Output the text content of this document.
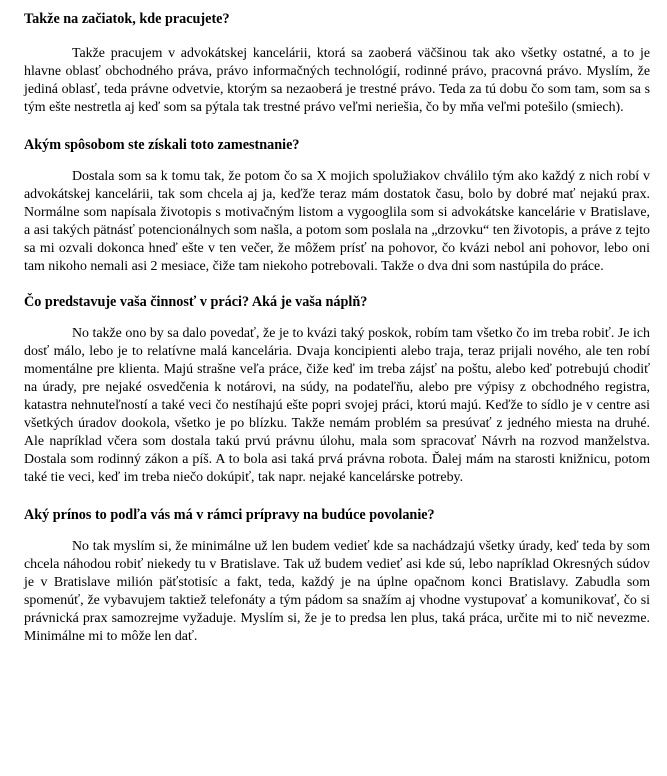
Takže na začiatok, kde pracujete?

Takže pracujem v advokátskej kancelárii, ktorá sa zaoberá väčšinou tak ako všetky ostatné, a to je hlavne oblasť obchodného práva, právo informačných technológií, rodinné právo, pracovná právo. Myslím, že jediná oblasť, teda právne odvetvie, ktorým sa nezaoberá je trestné právo. Teda za tú dobu čo som tam, som sa s tým ešte nestretla aj keď som sa pýtala tak trestné právo veľmi neriešia, čo by mňa veľmi potešilo (smiech).

Akým spôsobom ste získali toto zamestnanie?

Dostala som sa k tomu tak, že potom čo sa X mojich spolužiakov chválilo tým ako každý z nich robí v advokátskej kancelárii, tak som chcela aj ja, keďže teraz mám dostatok času, bolo by dobré mať nejakú prax. Normálne som napísala životopis s motivačným listom a vygooglila som si advokátske kancelárie v Bratislave, a asi takých pätnásť potencionálnych som našla, a potom som poslala na „drzovku“ ten životopis, a práve z tejto sa mi ozvali dokonca hneď ešte v ten večer, že môžem prísť na pohovor, čo kvázi nebol ani pohovor, lebo oni tam nikoho nemali asi 2 mesiace, čiže tam niekoho potrebovali. Takže o dva dni som nastúpila do práce.

Čo predstavuje vaša činnosť v práci? Aká je vaša náplň?

No takže ono by sa dalo povedať, že je to kvázi taký poskok, robím tam všetko čo im treba robiť. Je ich dosť málo, lebo je to relatívne malá kancelária. Dvaja koncipienti alebo traja, teraz prijali nového, ale ten robí momentálne pre klienta. Majú strašne veľa práce, čiže keď im treba zájsť na poštu, alebo keď potrebujú chodiť na úrady, pre nejaké osvedčenia k notárovi, na súdy, na podateľňu, alebo pre výpisy z obchodného registra, katastra nehnuteľností a také veci čo nestíhajú ešte popri svojej práci, ktorú majú. Keďže to sídlo je v centre asi všetkých úradov dookola, všetko je po blízku. Takže nemám problém sa presúvať z jedného miesta na druhé. Ale napríklad včera som dostala takú prvú právnu úlohu, mala som spracovať Návrh na rozvod manželstva. Dostala som rodinný zákon a píš. A to bola asi taká prvá právna robota. Ďalej mám na starosti knižnicu, potom také tie veci, keď im treba niečo dokúpiť, tak napr. nejaké kancelárske potreby.

Aký prínos to podľa vás má v rámci prípravy na budúce povolanie?

No tak myslím si, že minimálne už len budem vedieť kde sa nachádzajú všetky úrady, keď teda by som chcela náhodou robiť niekedy tu v Bratislave. Tak už budem vedieť asi kde sú, lebo napríklad Okresných súdov je v Bratislave milión päťstotisíc a fakt, teda, každý je na úplne opačnom konci Bratislavy. Zabudla som spomenúť, že vybavujem taktiež telefonáty a tým pádom sa snažím aj vhodne vystupovať a komunikovať, čo si právnická prax samozrejme vyžaduje. Myslím si, že je to predsa len plus, taká práca, určite mi to nič nevezme. Minimálne mi to môže len dať.
